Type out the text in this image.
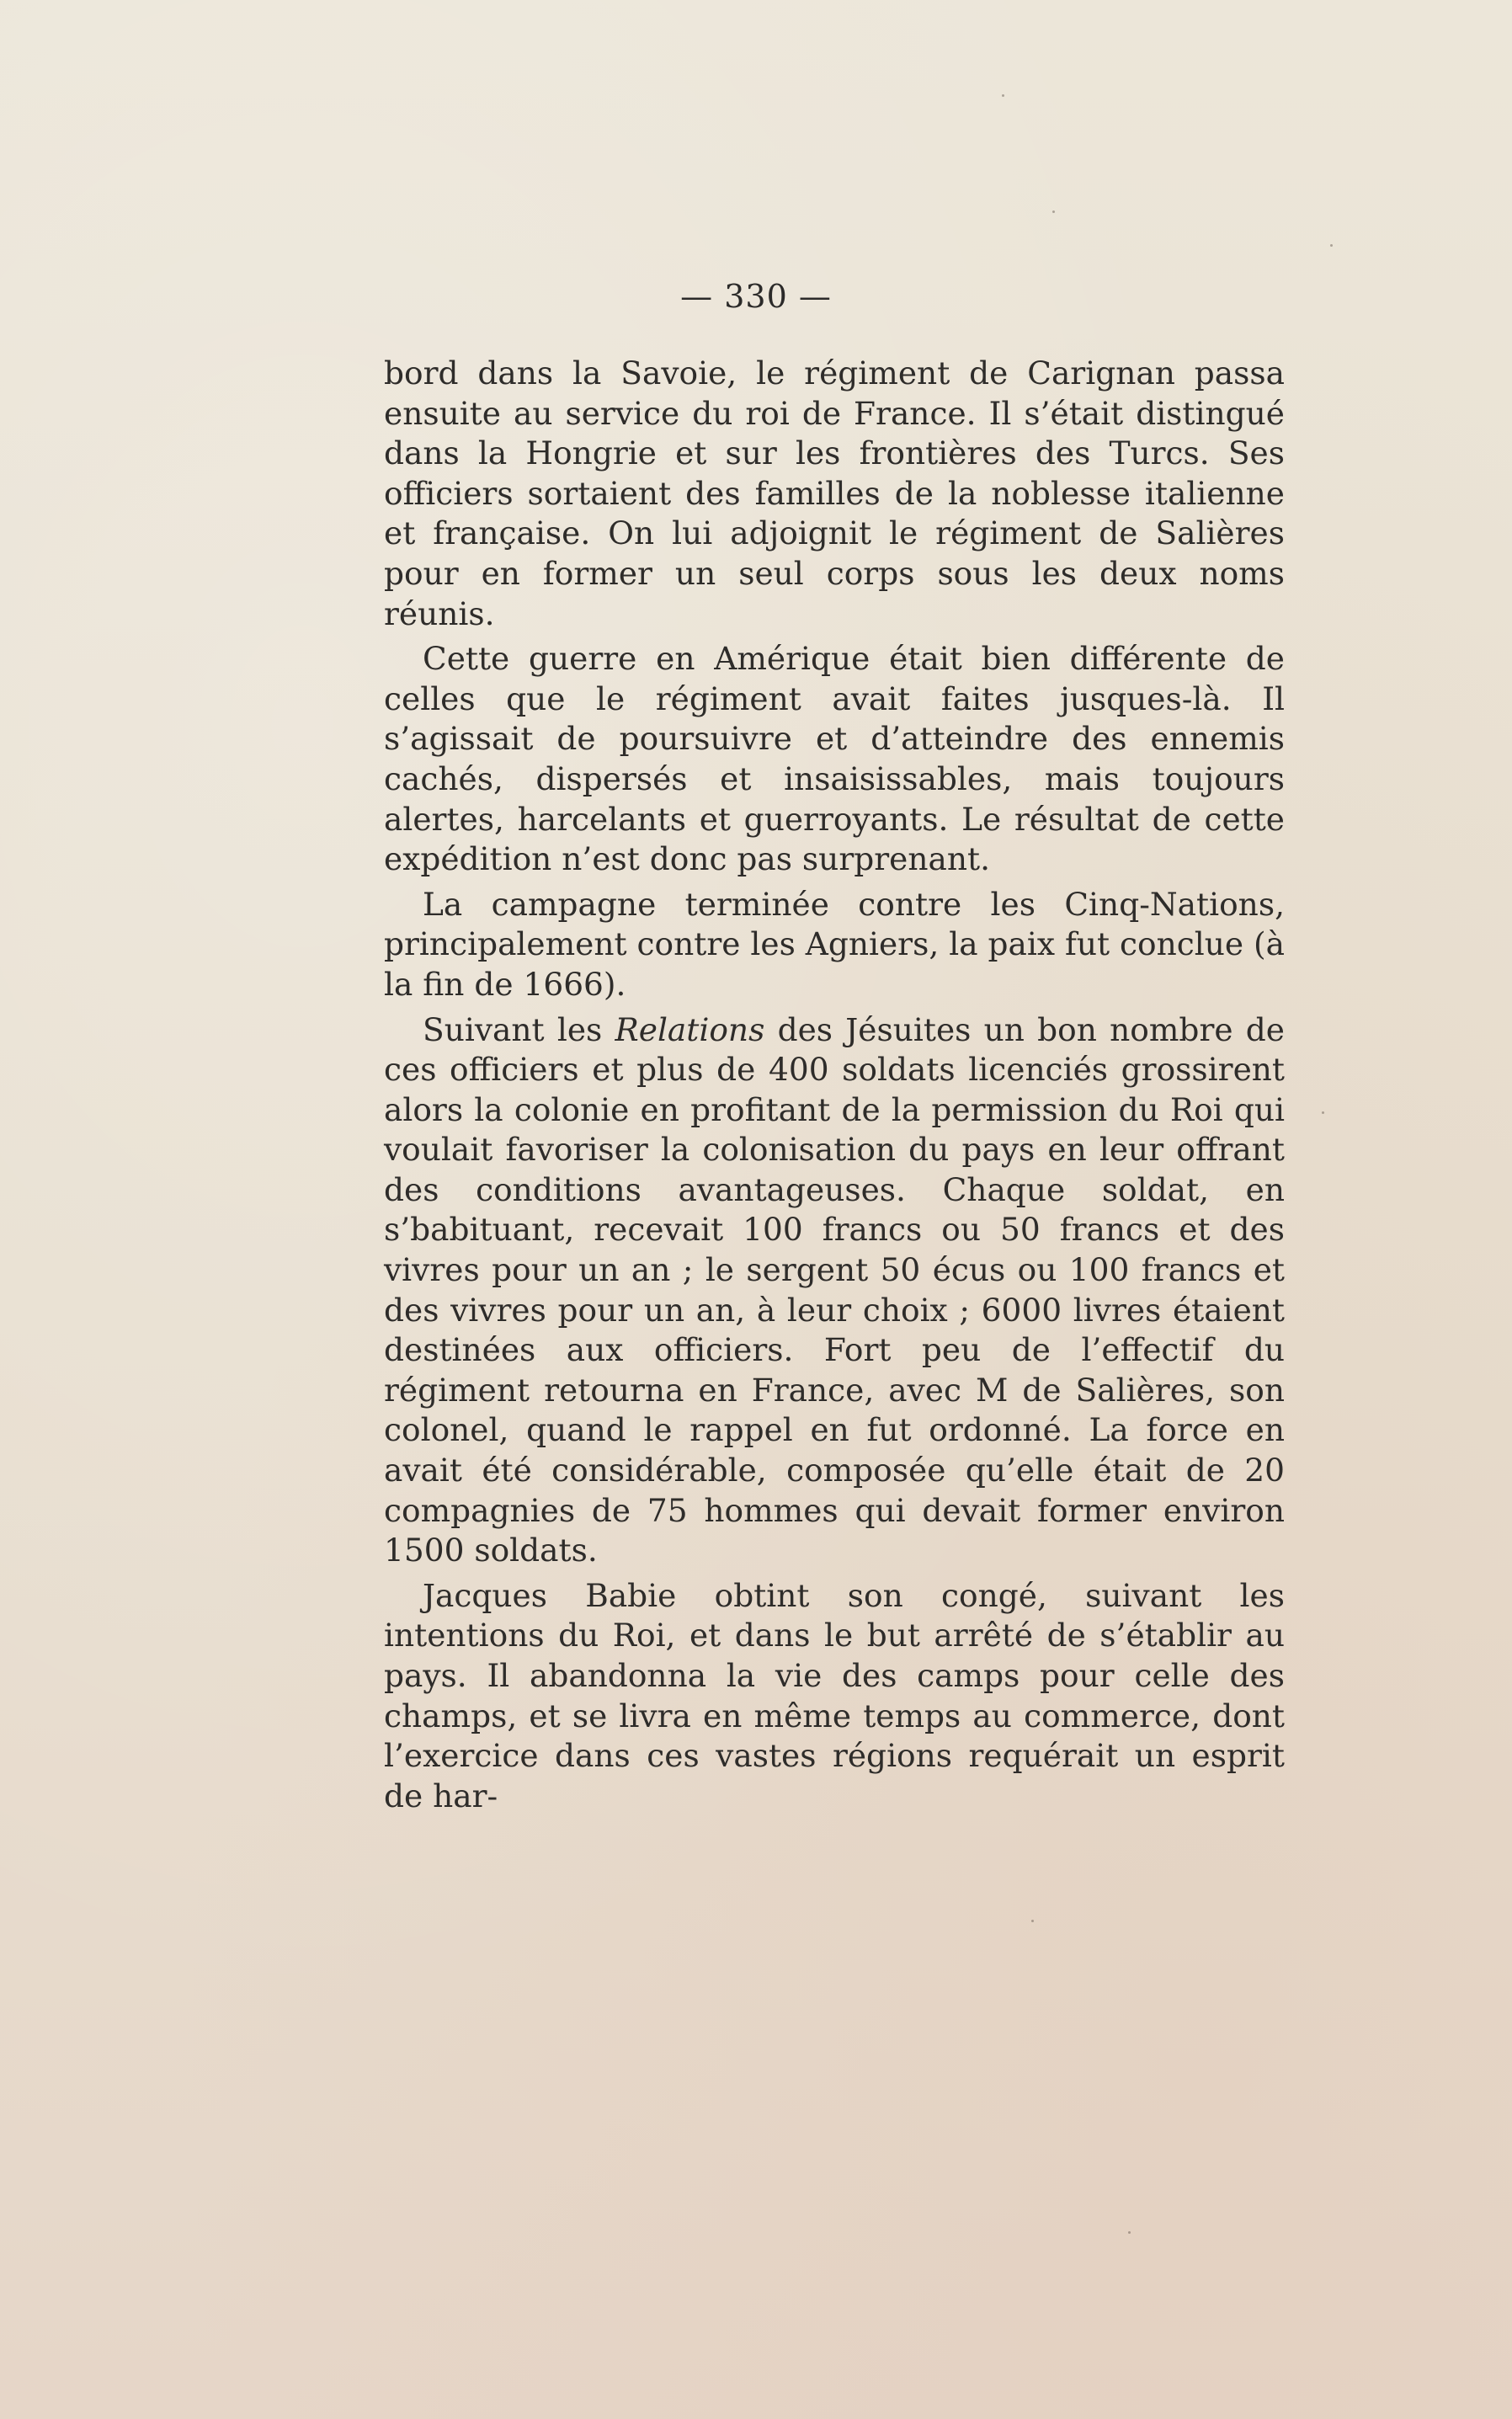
— 330 —

bord dans la Savoie, le régiment de Carignan passa ensuite au service du roi de France. Il s’était distingué dans la Hongrie et sur les frontières des Turcs. Ses officiers sortaient des familles de la noblesse italienne et française. On lui adjoignit le régiment de Salières pour en former un seul corps sous les deux noms réunis.

Cette guerre en Amérique était bien différente de celles que le régiment avait faites jusques-là. Il s’agissait de poursuivre et d’atteindre des ennemis cachés, dispersés et insaisissables, mais toujours alertes, harcelants et guerroyants. Le résultat de cette expédition n’est donc pas surprenant.

La campagne terminée contre les Cinq-Nations, principalement contre les Agniers, la paix fut conclue (à la fin de 1666).

Suivant les Relations des Jésuites un bon nombre de ces officiers et plus de 400 soldats licenciés grossirent alors la colonie en profitant de la permission du Roi qui voulait favoriser la colonisation du pays en leur offrant des conditions avantageuses. Chaque soldat, en s’babituant, recevait 100 francs ou 50 francs et des vivres pour un an ; le sergent 50 écus ou 100 francs et des vivres pour un an, à leur choix ; 6000 livres étaient destinées aux officiers. Fort peu de l’effectif du régiment retourna en France, avec M de Salières, son colonel, quand le rappel en fut ordonné. La force en avait été considérable, composée qu’elle était de 20 compagnies de 75 hommes qui devait former environ 1500 soldats.

Jacques Babie obtint son congé, suivant les intentions du Roi, et dans le but arrêté de s’établir au pays. Il abandonna la vie des camps pour celle des champs, et se livra en même temps au commerce, dont l’exercice dans ces vastes régions requérait un esprit de har-
